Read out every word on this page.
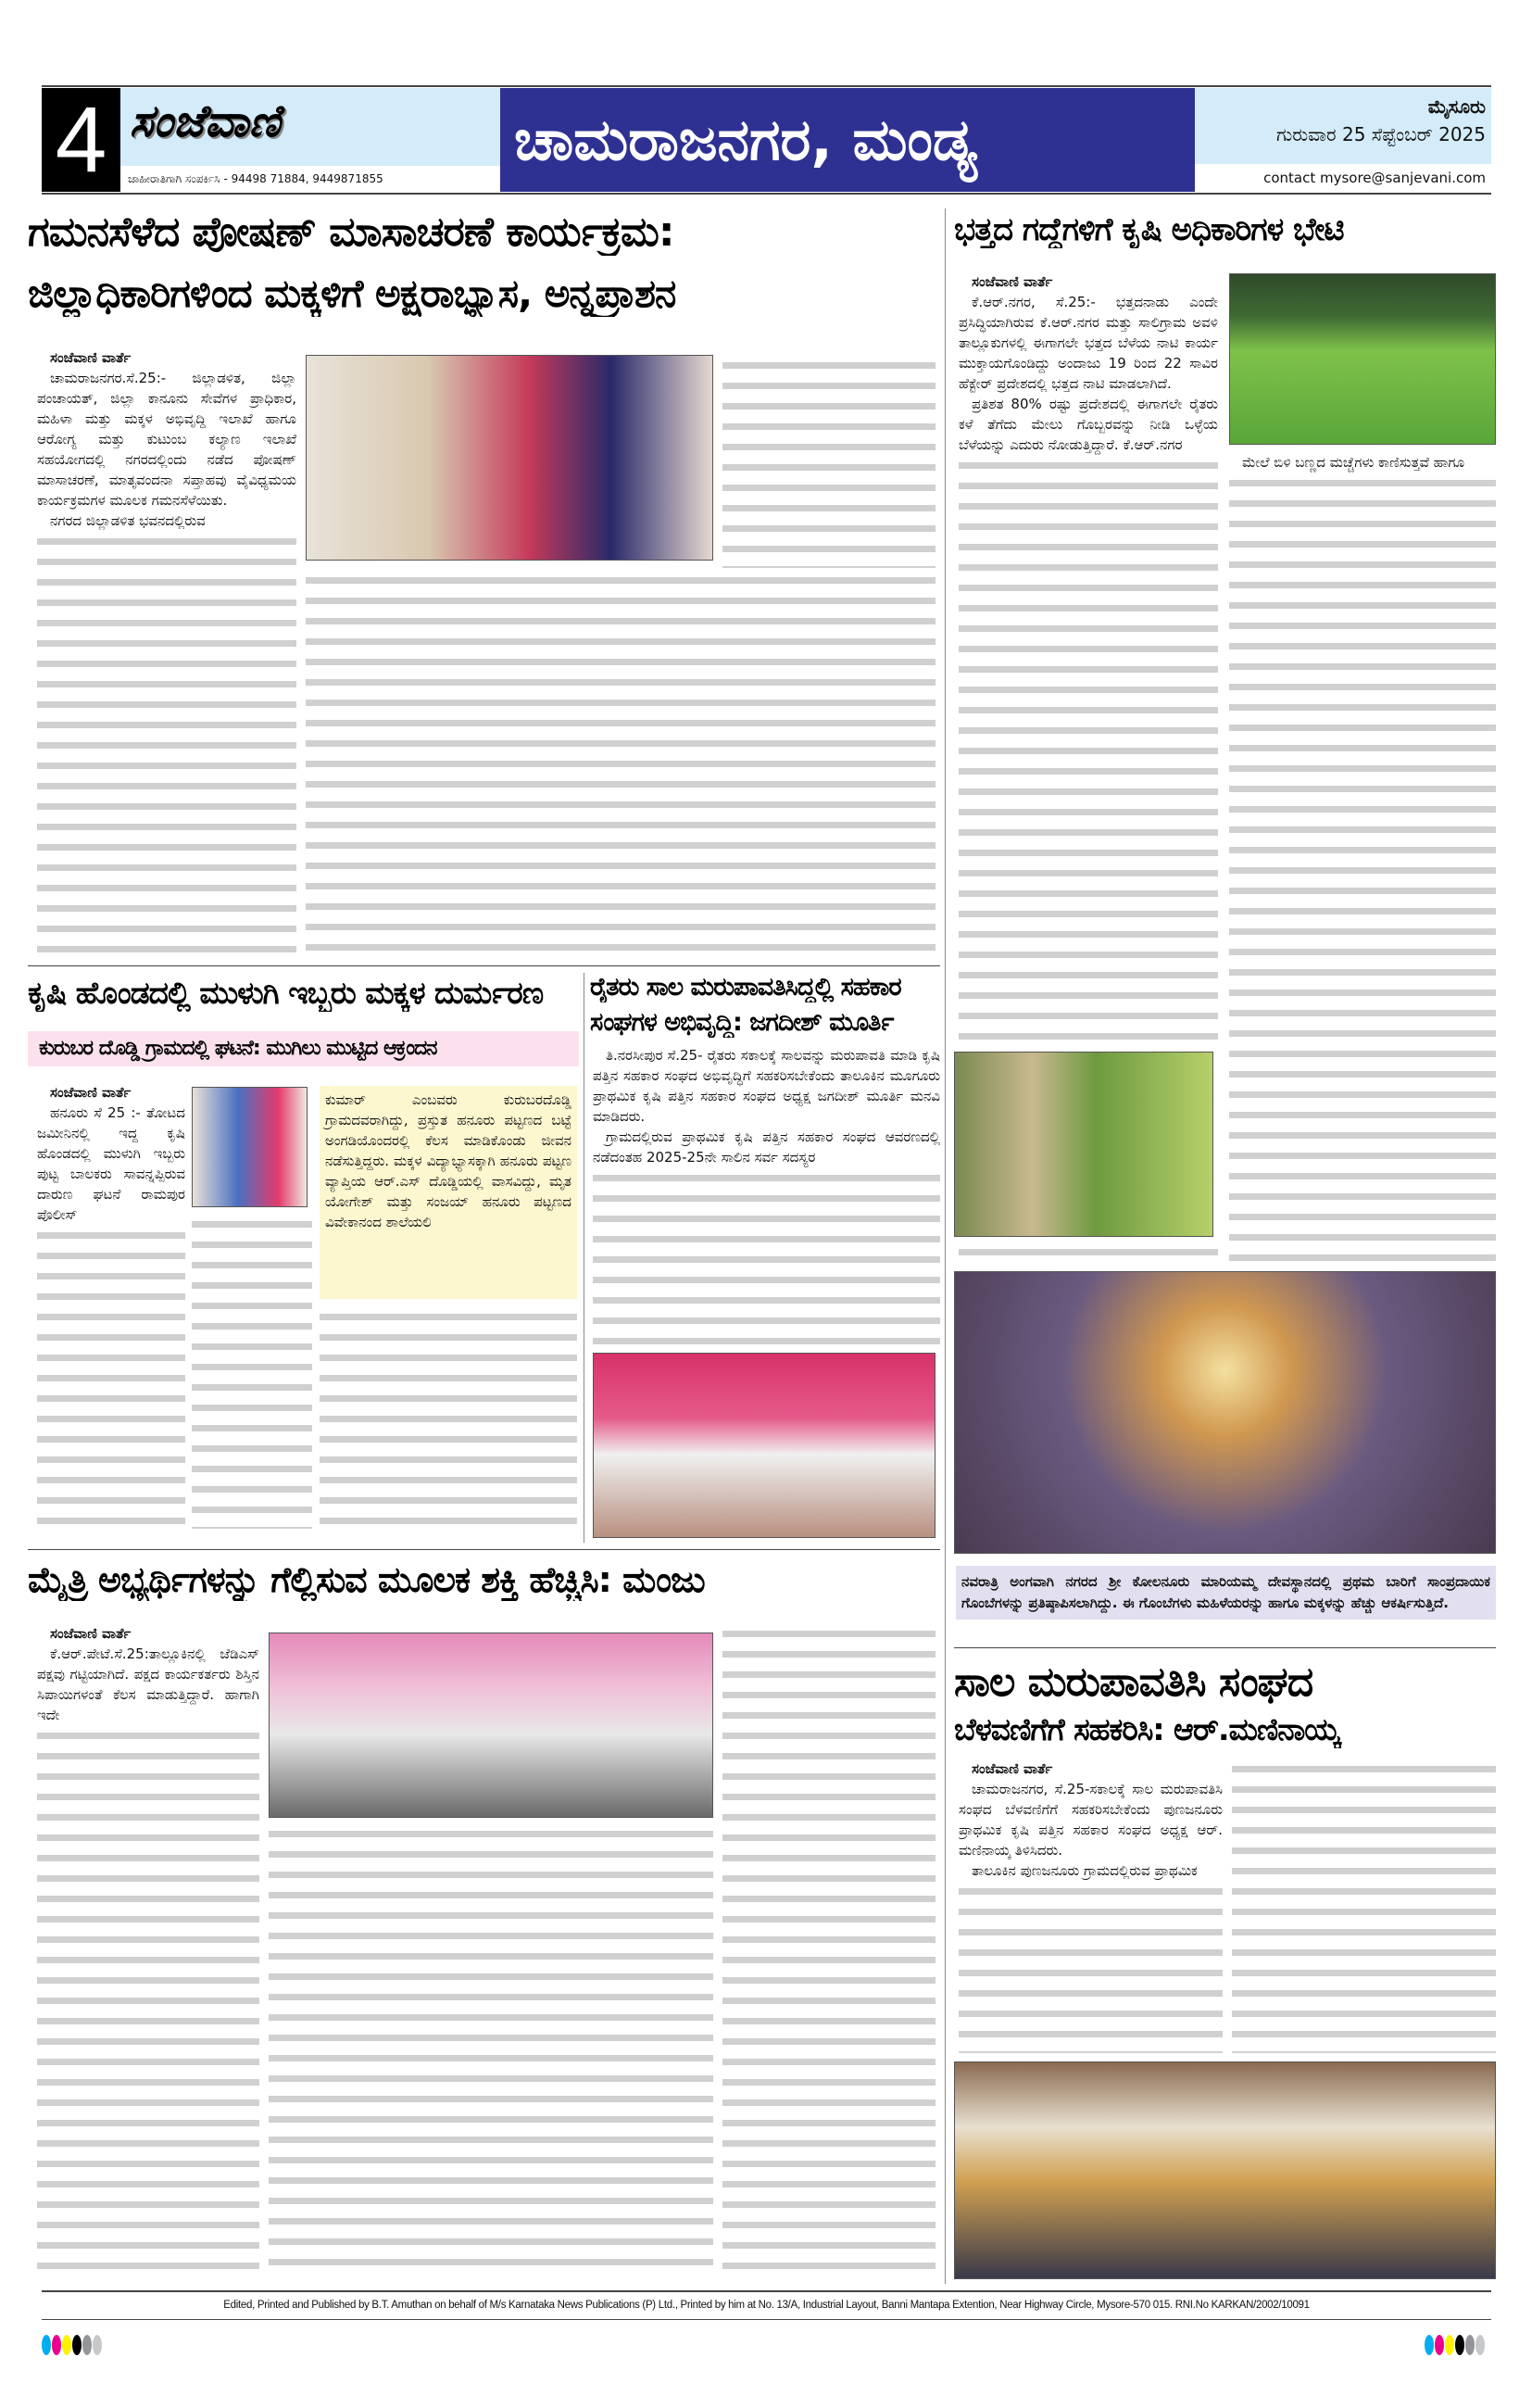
4 ಸಂಜೆವಾಣಿ
ಜಾಹೀರಾತಿಗಾಗಿ ಸಂಪರ್ಕಿಸಿ - 94498 71884, 9449871855
ಚಾಮರಾಜನಗರ, ಮಂಡ್ಯ	ಮೈಸೂರು
ಗುರುವಾರ 25 ಸೆಪ್ಟೆಂಬರ್ 2025
contact mysore@sanjevani.com
ಗಮನಸೆಳೆದ ಪೋಷಣ್ ಮಾಸಾಚರಣೆ ಕಾರ್ಯಕ್ರಮ:
ಜಿಲ್ಲಾಧಿಕಾರಿಗಳಿಂದ ಮಕ್ಕಳಿಗೆ ಅಕ್ಷರಾಭ್ಯಾಸ, ಅನ್ನಪ್ರಾಶನ
ಸಂಜೆವಾಣಿ ವಾರ್ತೆ

ಚಾಮರಾಜನಗರ.ಸೆ.25:- ಜಿಲ್ಲಾಡಳಿತ, ಜಿಲ್ಲಾ ಪಂಚಾಯತ್, ಜಿಲ್ಲಾ ಕಾನೂನು ಸೇವೆಗಳ ಪ್ರಾಧಿಕಾರ, ಮಹಿಳಾ ಮತ್ತು ಮಕ್ಕಳ ಅಭಿವೃದ್ದಿ ಇಲಾಖೆ ಹಾಗೂ ಆರೋಗ್ಯ ಮತ್ತು ಕುಟುಂಬ ಕಲ್ಯಾಣ ಇಲಾಖೆ ಸಹಯೋಗದಲ್ಲಿ ನಗರದಲ್ಲಿಂದು ನಡೆದ ಪೋಷಣ್ ಮಾಸಾಚರಣೆ, ಮಾತೃವಂದನಾ ಸಪ್ತಾಹವು ವೈವಿಧ್ಯಮಯ ಕಾರ್ಯಕ್ರಮಗಳ ಮೂಲಕ ಗಮನಸೆಳೆಯಿತು.

ನಗರದ ಜಿಲ್ಲಾಡಳಿತ ಭವನದಲ್ಲಿರುವ

ಭತ್ತದ ಗದ್ದೆಗಳಿಗೆ ಕೃಷಿ ಅಧಿಕಾರಿಗಳ ಭೇಟಿ
ಸಂಜೆವಾಣಿ ವಾರ್ತೆ

ಕೆ.ಆರ್.ನಗರ, ಸೆ.25:- ಭತ್ತದನಾಡು ಎಂದೇ ಪ್ರಸಿದ್ಧಿಯಾಗಿರುವ ಕೆ.ಆರ್.ನಗರ ಮತ್ತು ಸಾಲಿಗ್ರಾಮ ಅವಳಿ ತಾಲ್ಲೂಕುಗಳಲ್ಲಿ ಈಗಾಗಲೇ ಭತ್ತದ ಬೆಳೆಯ ನಾಟಿ ಕಾರ್ಯ ಮುಕ್ತಾಯಗೊಂಡಿದ್ದು ಅಂದಾಜು 19 ರಿಂದ 22 ಸಾವಿರ ಹೆಕ್ಟೇರ್ ಪ್ರದೇಶದಲ್ಲಿ ಭತ್ತದ ನಾಟಿ ಮಾಡಲಾಗಿದೆ.

ಪ್ರತಿಶತ 80% ರಷ್ಟು ಪ್ರದೇಶದಲ್ಲಿ ಈಗಾಗಲೇ ರೈತರು ಕಳೆ ತೆಗೆದು ಮೇಲು ಗೊಬ್ಬರವನ್ನು ನೀಡಿ ಒಳ್ಳೆಯ ಬೆಳೆಯನ್ನು ಎದುರು ನೋಡುತ್ತಿದ್ದಾರೆ. ಕೆ.ಆರ್.ನಗರ

ಮೇಲೆ ಬಿಳಿ ಬಣ್ಣದ ಮಚ್ಚೆಗಳು ಕಾಣಿಸುತ್ತವೆ ಹಾಗೂ

ಕೃಷಿ ಹೊಂಡದಲ್ಲಿ ಮುಳುಗಿ ಇಬ್ಬರು ಮಕ್ಕಳ ದುರ್ಮರಣ
ಕುರುಬರ ದೊಡ್ಡಿ ಗ್ರಾಮದಲ್ಲಿ ಘಟನೆ: ಮುಗಿಲು ಮುಟ್ಟಿದ ಆಕ್ರಂದನ
ಸಂಜೆವಾಣಿ ವಾರ್ತೆ

ಹನೂರು ಸೆ 25 :- ತೋಟದ ಜಮೀನಿನಲ್ಲಿ ಇದ್ದ ಕೃಷಿ ಹೊಂಡದಲ್ಲಿ ಮುಳುಗಿ ಇಬ್ಬರು ಪುಟ್ಟ ಬಾಲಕರು ಸಾವನ್ನಪ್ಪಿರುವ ದಾರುಣ ಘಟನೆ ರಾಮಪುರ ಪೊಲೀಸ್

ಕುಮಾರ್ ಎಂಬವರು ಕುರುಬರದೊಡ್ಡಿ ಗ್ರಾಮದವರಾಗಿದ್ದು, ಪ್ರಸ್ತುತ ಹನೂರು ಪಟ್ಟಣದ ಬಟ್ಟೆ ಅಂಗಡಿಯೊಂದರಲ್ಲಿ ಕೆಲಸ ಮಾಡಿಕೊಂಡು ಜೀವನ ನಡೆಸುತ್ತಿದ್ದರು. ಮಕ್ಕಳ ವಿದ್ಯಾಭ್ಯಾಸಕ್ಕಾಗಿ ಹನೂರು ಪಟ್ಟಣ ವ್ಯಾಪ್ತಿಯ ಆರ್.ಎಸ್ ದೊಡ್ಡಿಯಲ್ಲಿ ವಾಸವಿದ್ದು, ಮೃತ ಯೋಗೇಶ್ ಮತ್ತು ಸಂಜಯ್ ಹನೂರು ಪಟ್ಟಣದ ವಿವೇಕಾನಂದ ಶಾಲೆಯಲಿ
ರೈತರು ಸಾಲ ಮರುಪಾವತಿಸಿದ್ದಲ್ಲಿ ಸಹಕಾರ
ಸಂಘಗಳ ಅಭಿವೃದ್ಧಿ: ಜಗದೀಶ್ ಮೂರ್ತಿ

ತಿ.ನರಸೀಪುರ ಸೆ.25- ರೈತರು ಸಕಾಲಕ್ಕೆ ಸಾಲವನ್ನು ಮರುಪಾವತಿ ಮಾಡಿ ಕೃಷಿ ಪತ್ತಿನ ಸಹಕಾರ ಸಂಘದ ಅಭಿವೃದ್ಧಿಗೆ ಸಹಕರಿಸಬೇಕೆಂದು ತಾಲೂಕಿನ ಮೂಗೂರು ಪ್ರಾಥಮಿಕ ಕೃಷಿ ಪತ್ತಿನ ಸಹಕಾರ ಸಂಘದ ಅಧ್ಯಕ್ಷ ಜಗದೀಶ್ ಮೂರ್ತಿ ಮನವಿ ಮಾಡಿದರು.

ಗ್ರಾಮದಲ್ಲಿರುವ ಪ್ರಾಥಮಿಕ ಕೃಷಿ ಪತ್ತಿನ ಸಹಕಾರ ಸಂಘದ ಆವರಣದಲ್ಲಿ ನಡೆದಂತಹ 2025-25ನೇ ಸಾಲಿನ ಸರ್ವ ಸದಸ್ಯರ

ನವರಾತ್ರಿ ಅಂಗವಾಗಿ ನಗರದ ಶ್ರೀ ಕೋಲನೂರು ಮಾರಿಯಮ್ಮ ದೇವಸ್ಥಾನದಲ್ಲಿ ಪ್ರಥಮ ಬಾರಿಗೆ ಸಾಂಪ್ರದಾಯಿಕ ಗೊಂಬೆಗಳನ್ನು ಪ್ರತಿಷ್ಠಾಪಿಸಲಾಗಿದ್ದು. ಈ ಗೊಂಬೆಗಳು ಮಹಿಳೆಯರನ್ನು ಹಾಗೂ ಮಕ್ಕಳನ್ನು ಹೆಚ್ಚು ಆಕರ್ಷಿಸುತ್ತಿದೆ.
ಮೈತ್ರಿ ಅಭ್ಯರ್ಥಿಗಳನ್ನು ಗೆಲ್ಲಿಸುವ ಮೂಲಕ ಶಕ್ತಿ ಹೆಚ್ಚಿಸಿ: ಮಂಜು
ಸಂಜೆವಾಣಿ ವಾರ್ತೆ

ಕೆ.ಆರ್.ಪೇಟೆ.ಸೆ.25:ತಾಲ್ಲೂಕಿನಲ್ಲಿ ಜೆಡಿಎಸ್ ಪಕ್ಷವು ಗಟ್ಟಿಯಾಗಿದೆ. ಪಕ್ಷದ ಕಾರ್ಯಕರ್ತರು ಶಿಸ್ತಿನ ಸಿಪಾಯಿಗಳಂತೆ ಕೆಲಸ ಮಾಡುತ್ತಿದ್ದಾರೆ. ಹಾಗಾಗಿ ಇದೇ

ಸಾಲ ಮರುಪಾವತಿಸಿ ಸಂಘದ
ಬೆಳವಣಿಗೆಗೆ ಸಹಕರಿಸಿ: ಆರ್.ಮಣಿನಾಯ್ಕ
ಸಂಜೆವಾಣಿ ವಾರ್ತೆ

ಚಾಮರಾಜನಗರ, ಸೆ.25-ಸಕಾಲಕ್ಕೆ ಸಾಲ ಮರುಪಾವತಿಸಿ ಸಂಘದ ಬೆಳವಣಿಗೆಗೆ ಸಹಕರಿಸಬೇಕೆಂದು ಪುಣಜನೂರು ಪ್ರಾಥಮಿಕ ಕೃಷಿ ಪತ್ತಿನ ಸಹಕಾರ ಸಂಘದ ಅಧ್ಯಕ್ಷ ಆರ್. ಮಣಿನಾಯ್ಕ ತಿಳಿಸಿದರು.

ತಾಲೂಕಿನ ಪುಣಜನೂರು ಗ್ರಾಮದಲ್ಲಿರುವ ಪ್ರಾಥಮಿಕ

Edited, Printed and Published by B.T. Amuthan on behalf of M/s Karnataka News Publications (P) Ltd., Printed by him at No. 13/A, Industrial Layout, Banni Mantapa Extention, Near Highway Circle, Mysore-570 015. RNI.No KARKAN/2002/10091
